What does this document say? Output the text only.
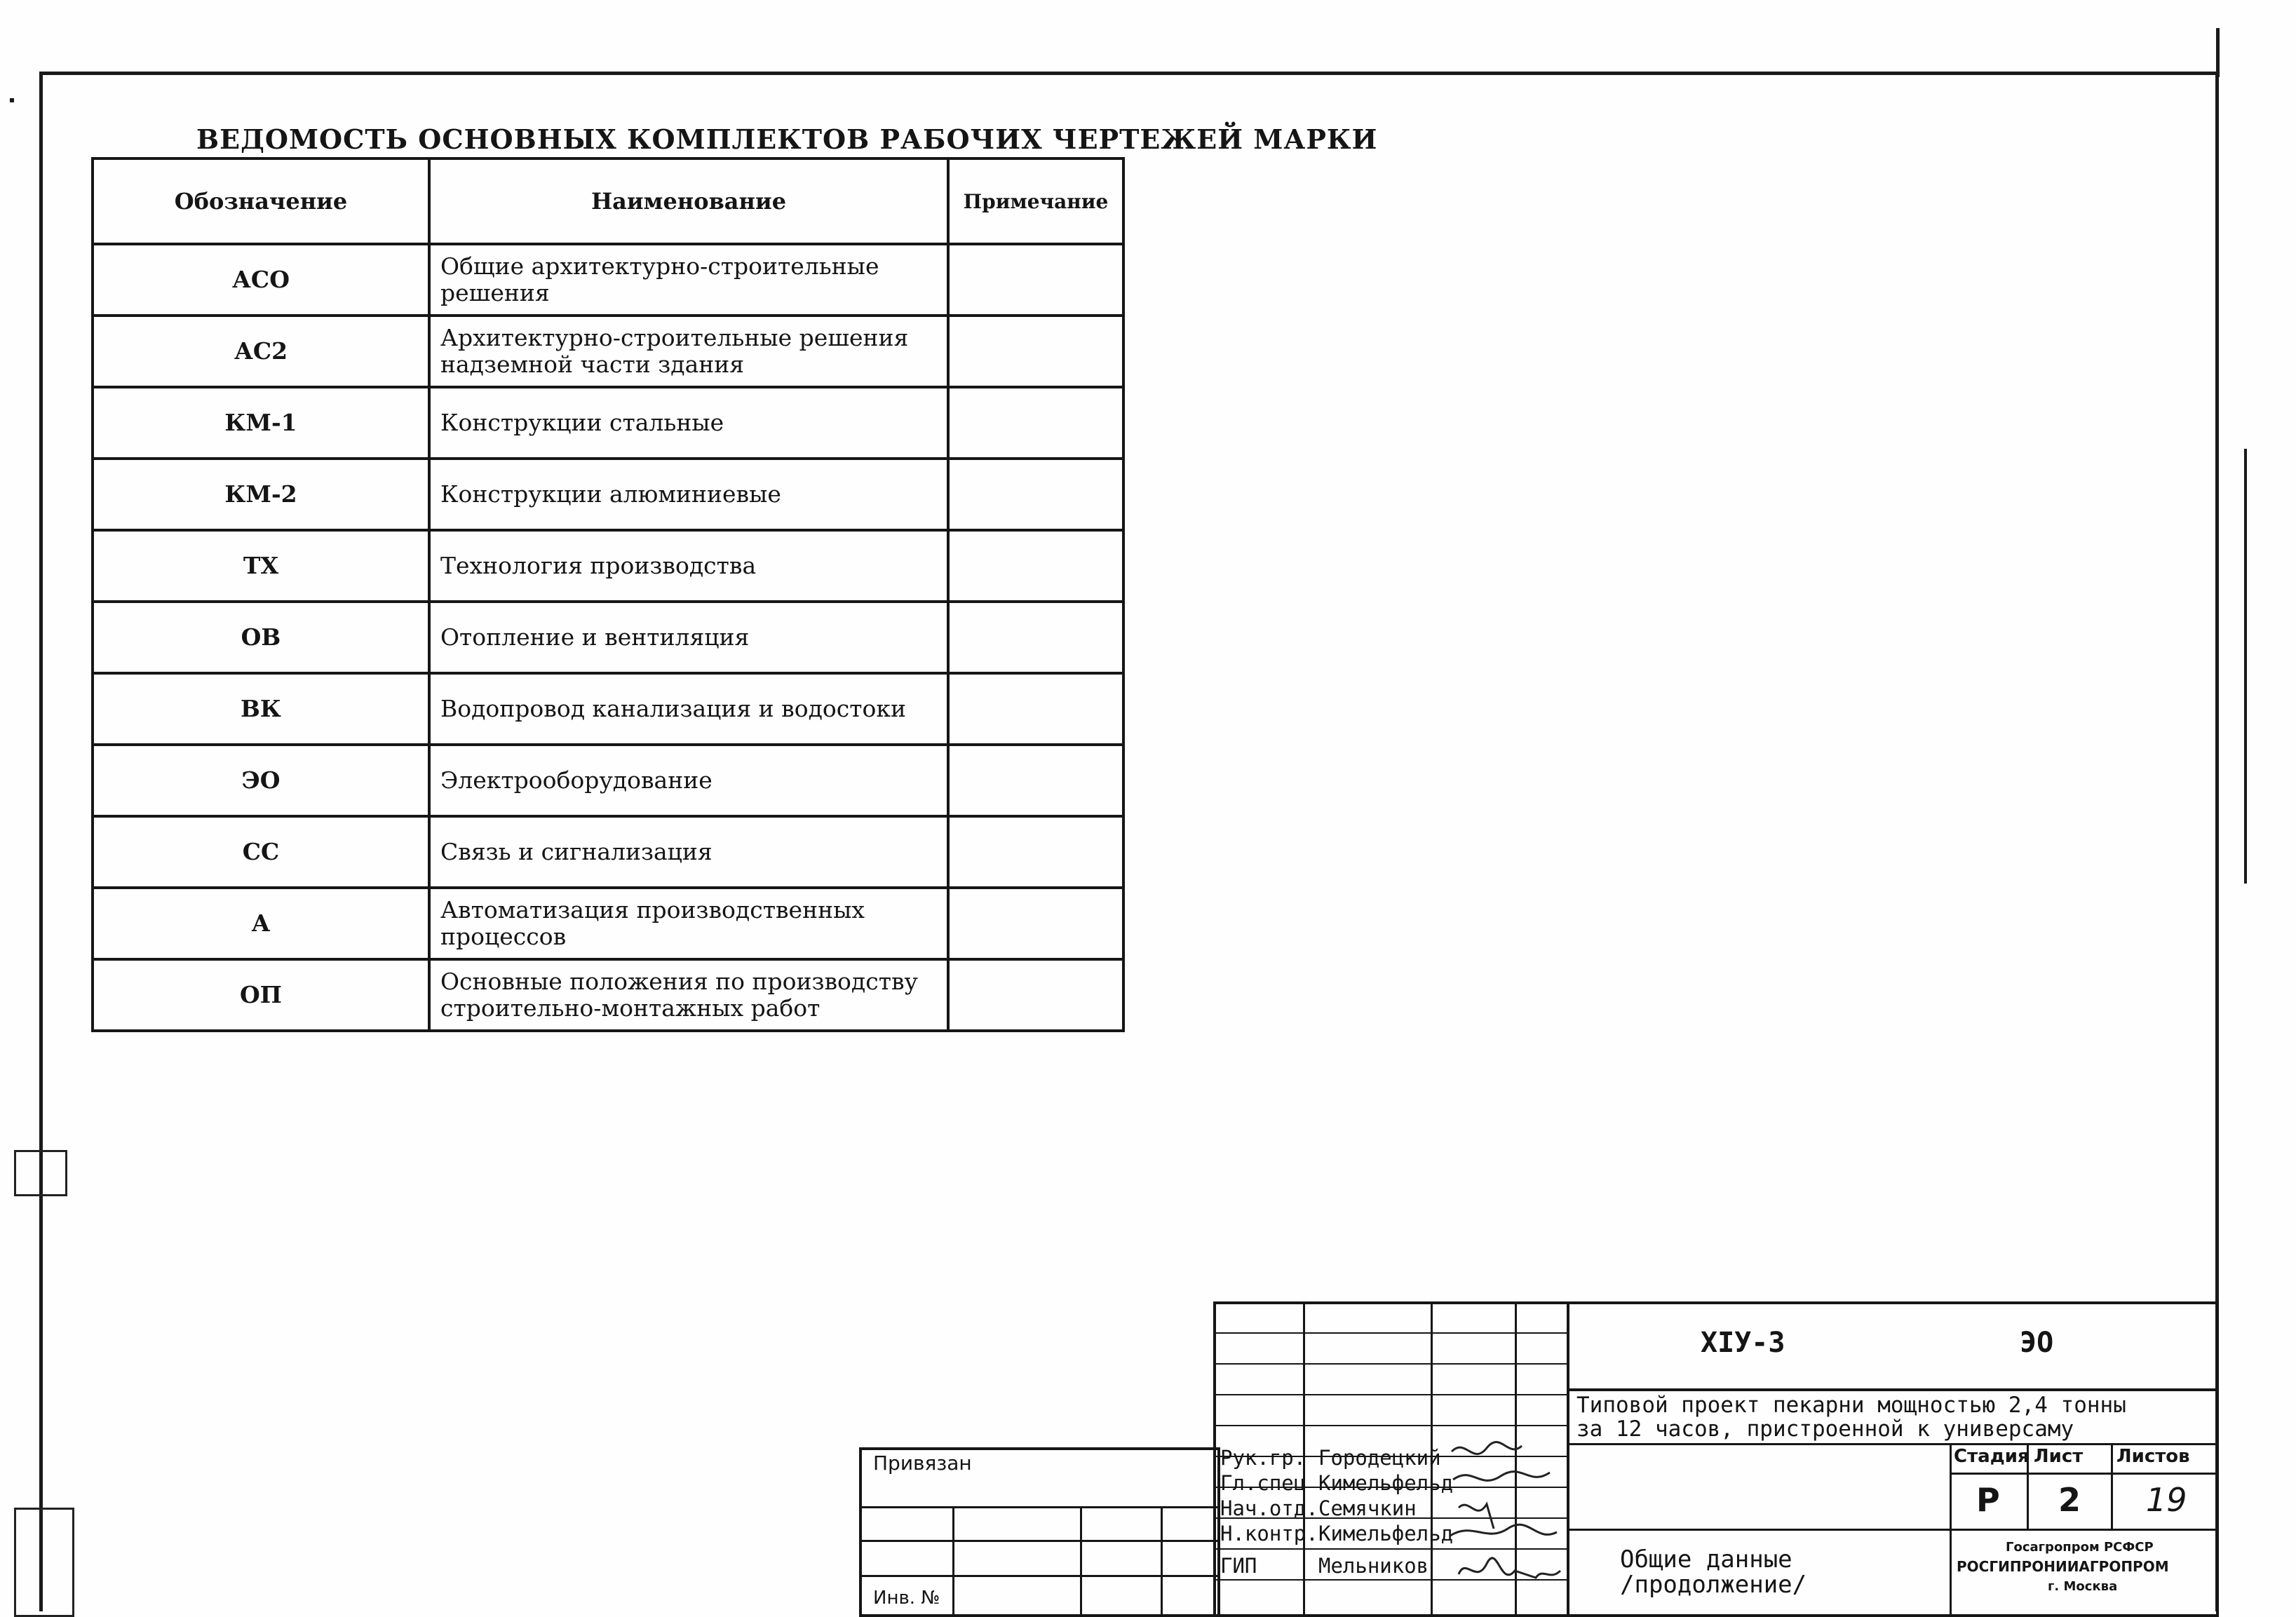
ВЕДОМОСТЬ ОСНОВНЫХ КОМПЛЕКТОВ РАБОЧИХ ЧЕРТЕЖЕЙ МАРКИ
Обозначение	Наименование	Примечание
АСО	Общие архитектурно-строительные решения	
АС2	Архитектурно-строительные решения надземной части здания	
КМ-1	Конструкции стальные	
КМ-2	Конструкции алюминиевые	
ТХ	Технология производства	
ОВ	Отопление и вентиляция	
ВК	Водопровод канализация и водостоки	
ЭО	Электрооборудование	
СС	Связь и сигнализация	
А	Автоматизация производственных процессов	
ОП	Основные положения по производству строительно-монтажных работ	
Привязан
Инв. №
Рук.гр. Городецкий
Гл.спец Кимельфельд
Нач.отд. Семячкин
Н.контр. Кимельфельд
ГИП	Мельников
XIУ-3	ЭО
Типовой проект пекарни мощностью 2,4 тонны
за 12 часов, пристроенной к универсаму
Стадия Лист Листов
Р 2 19
Общие данные
/продолжение/
Госагропром РСФСР
РОСГИПРОНИИАГРОПРОМ
г. Москва
